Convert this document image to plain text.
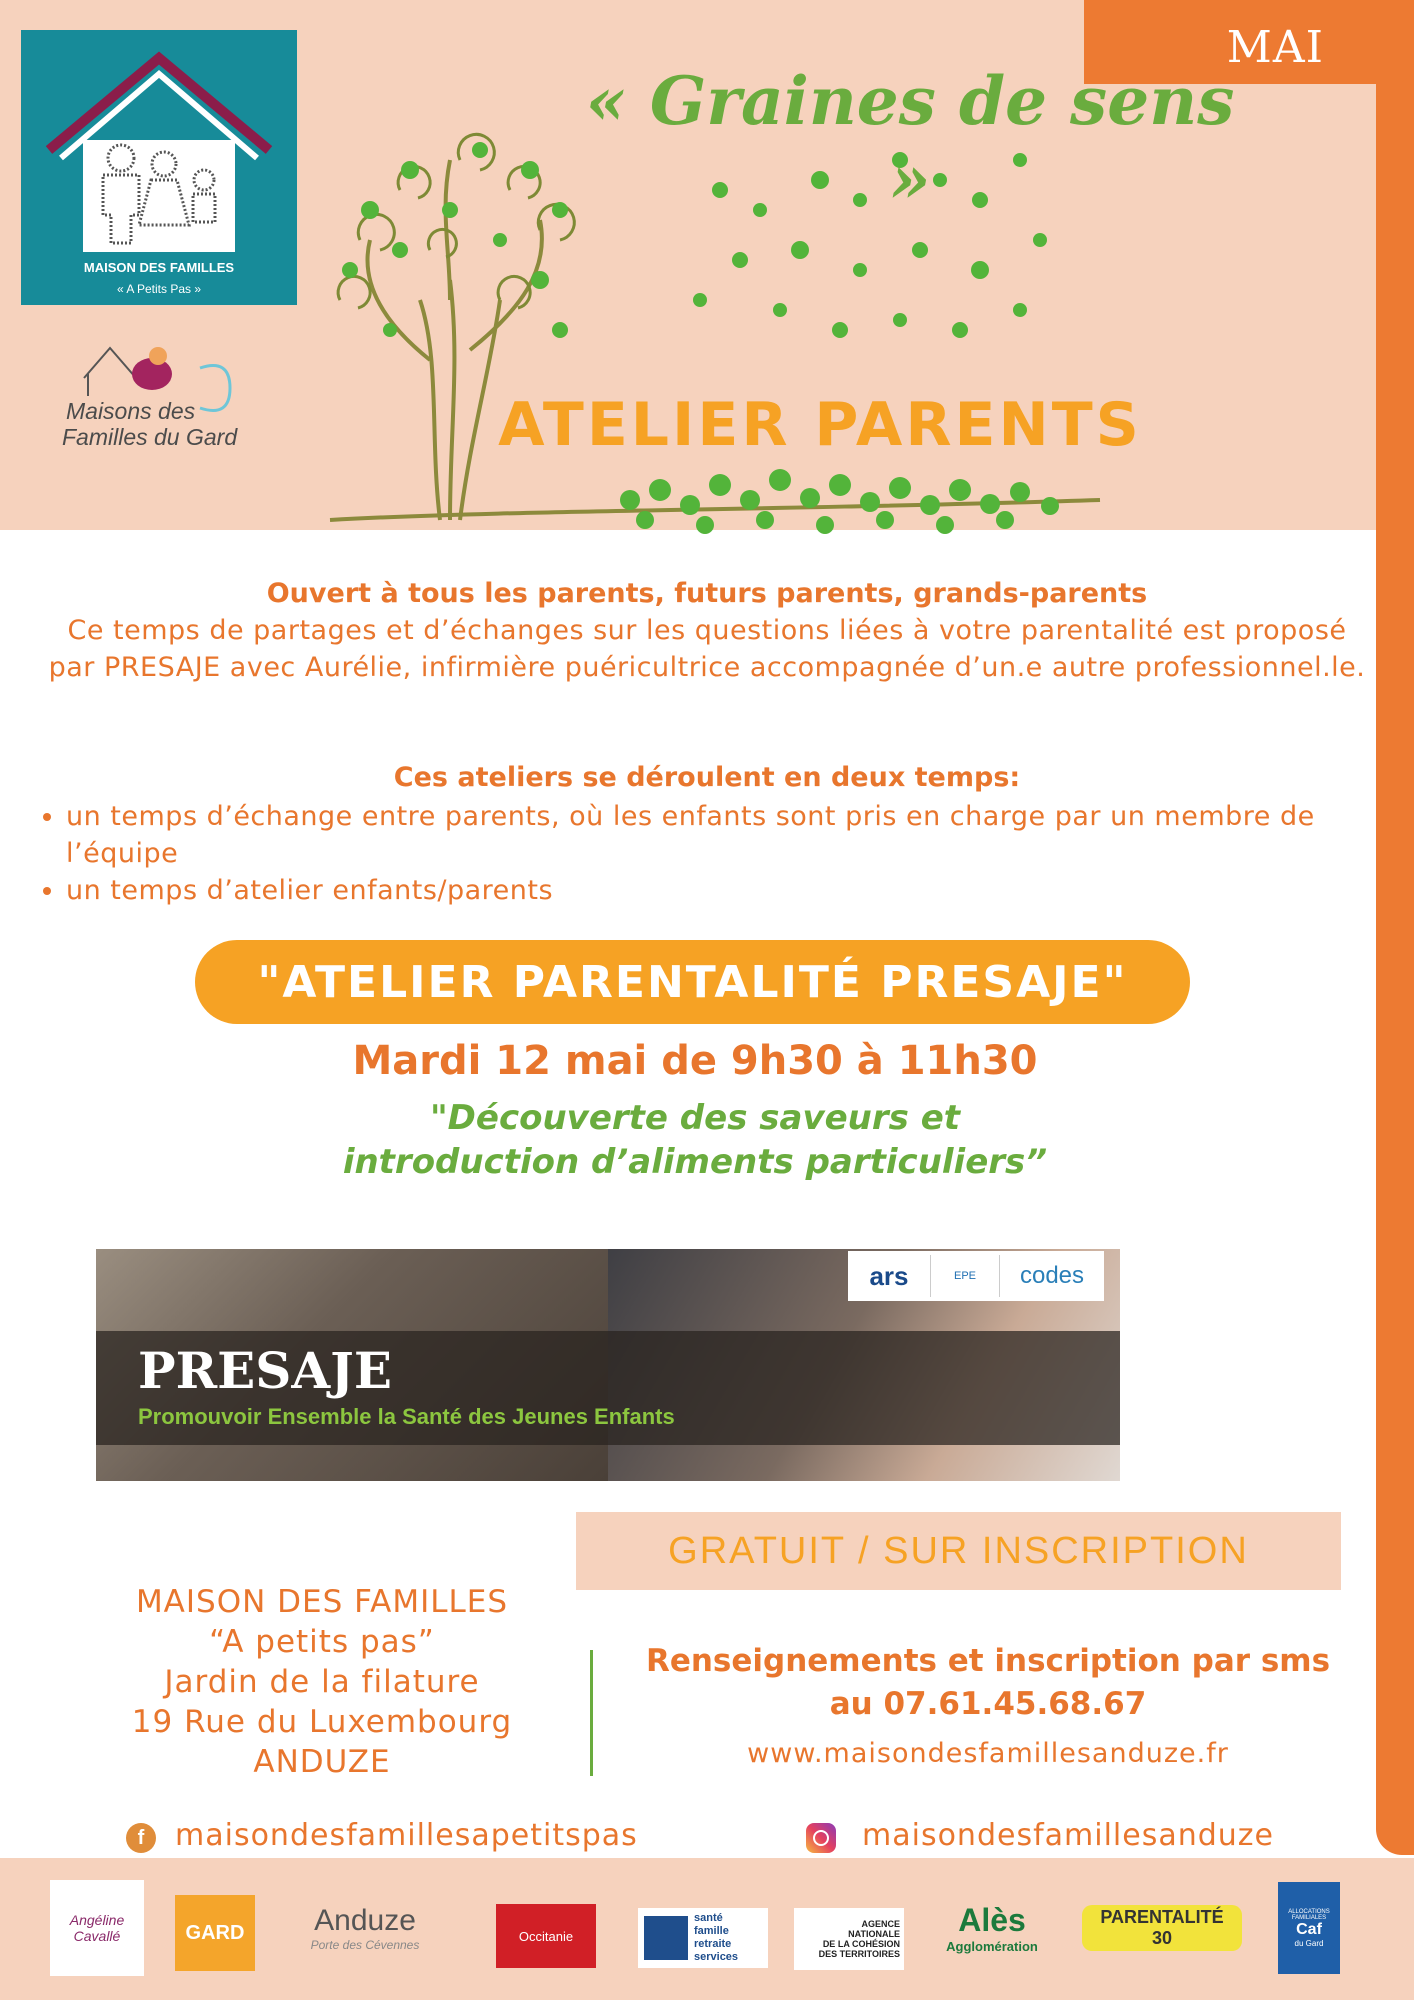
MAI
MAISON DES FAMILLES
« A Petits Pas »
Maisons des
Familles du Gard
« Graines de sens »
ATELIER PARENTS
Ouvert à tous les parents, futurs parents, grands-parents
Ce temps de partages et d’échanges sur les questions liées à votre parentalité est proposé par PRESAJE avec Aurélie, infirmière puéricultrice accompagnée d’un.e autre professionnel.le.
Ces ateliers se déroulent en deux temps:
• un temps d’échange entre parents, où les enfants sont pris en charge par un membre de l’équipe
• un temps d’atelier enfants/parents
"ATELIER PARENTALITÉ PRESAJE"
Mardi 12 mai de 9h30 à 11h30
"Découverte des saveurs et
introduction d’aliments particuliers”
PRESAJE
Promouvoir Ensemble la Santé des Jeunes Enfants
ars	EPE	codes
GRATUIT / SUR INSCRIPTION
MAISON DES FAMILLES
“A petits pas”
Jardin de la filature
19 Rue du Luxembourg
ANDUZE
Renseignements et inscription par sms
au 07.61.45.68.67
www.maisondesfamillesanduze.fr
f	maisondesfamillesapetitspas	maisondesfamillesanduze
Angéline Cavallé	GARD Anduze
Porte des Cévennes
Occitanie
santé
famille
retraite
services
AGENCE
NATIONALE
DE LA COHÉSION
DES TERRITOIRES
Alès
Agglomération
PARENTALITÉ 30
ALLOCATIONS
FAMILIALES
Caf
du Gard
